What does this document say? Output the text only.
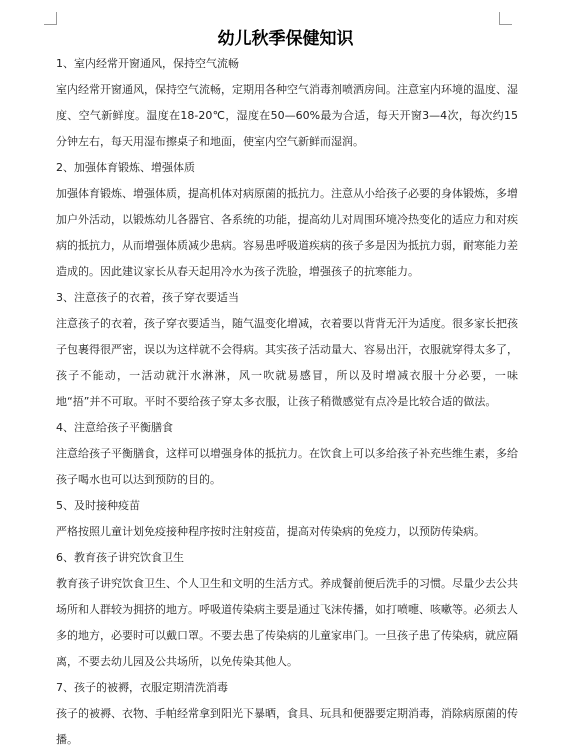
幼儿秋季保健知识
1、室内经常开窗通风，保持空气流畅
室内经常开窗通风，保持空气流畅，定期用各种空气消毒剂喷洒房间。注意室内环境的温度、湿度、空气新鲜度。温度在18-20℃，湿度在50—60%最为合适，每天开窗3—4次，每次约15分钟左右，每天用湿布擦桌子和地面，使室内空气新鲜而湿润。
2、加强体育锻炼、增强体质
加强体育锻炼、增强体质，提高机体对病原菌的抵抗力。注意从小给孩子必要的身体锻炼，多增加户外活动，以锻炼幼儿各器官、各系统的功能，提高幼儿对周围环境冷热变化的适应力和对疾病的抵抗力，从而增强体质减少患病。容易患呼吸道疾病的孩子多是因为抵抗力弱，耐寒能力差造成的。因此建议家长从春天起用冷水为孩子洗脸，增强孩子的抗寒能力。
3、注意孩子的衣着，孩子穿衣要适当
注意孩子的衣着，孩子穿衣要适当，随气温变化增减，衣着要以背背无汗为适度。很多家长把孩子包裹得很严密，误以为这样就不会得病。其实孩子活动量大、容易出汗，衣服就穿得太多了，孩子不能动，一活动就汗水淋淋，风一吹就易感冒，所以及时增减衣服十分必要，一味地“捂”并不可取。平时不要给孩子穿太多衣服，让孩子稍微感觉有点冷是比较合适的做法。
4、注意给孩子平衡膳食
注意给孩子平衡膳食，这样可以增强身体的抵抗力。在饮食上可以多给孩子补充些维生素，多给孩子喝水也可以达到预防的目的。
5、及时接种疫苗
严格按照儿童计划免疫接种程序按时注射疫苗，提高对传染病的免疫力，以预防传染病。
6、教育孩子讲究饮食卫生
教育孩子讲究饮食卫生、个人卫生和文明的生活方式。养成餐前便后洗手的习惯。尽量少去公共场所和人群较为拥挤的地方。呼吸道传染病主要是通过飞沫传播，如打喷嚏、咳嗽等。必须去人多的地方，必要时可以戴口罩。不要去患了传染病的儿童家串门。一旦孩子患了传染病，就应隔离，不要去幼儿园及公共场所，以免传染其他人。
7、孩子的被褥，衣服定期清洗消毒
孩子的被褥、衣物、手帕经常拿到阳光下暴晒，食具、玩具和便器要定期消毒，消除病原菌的传播。
